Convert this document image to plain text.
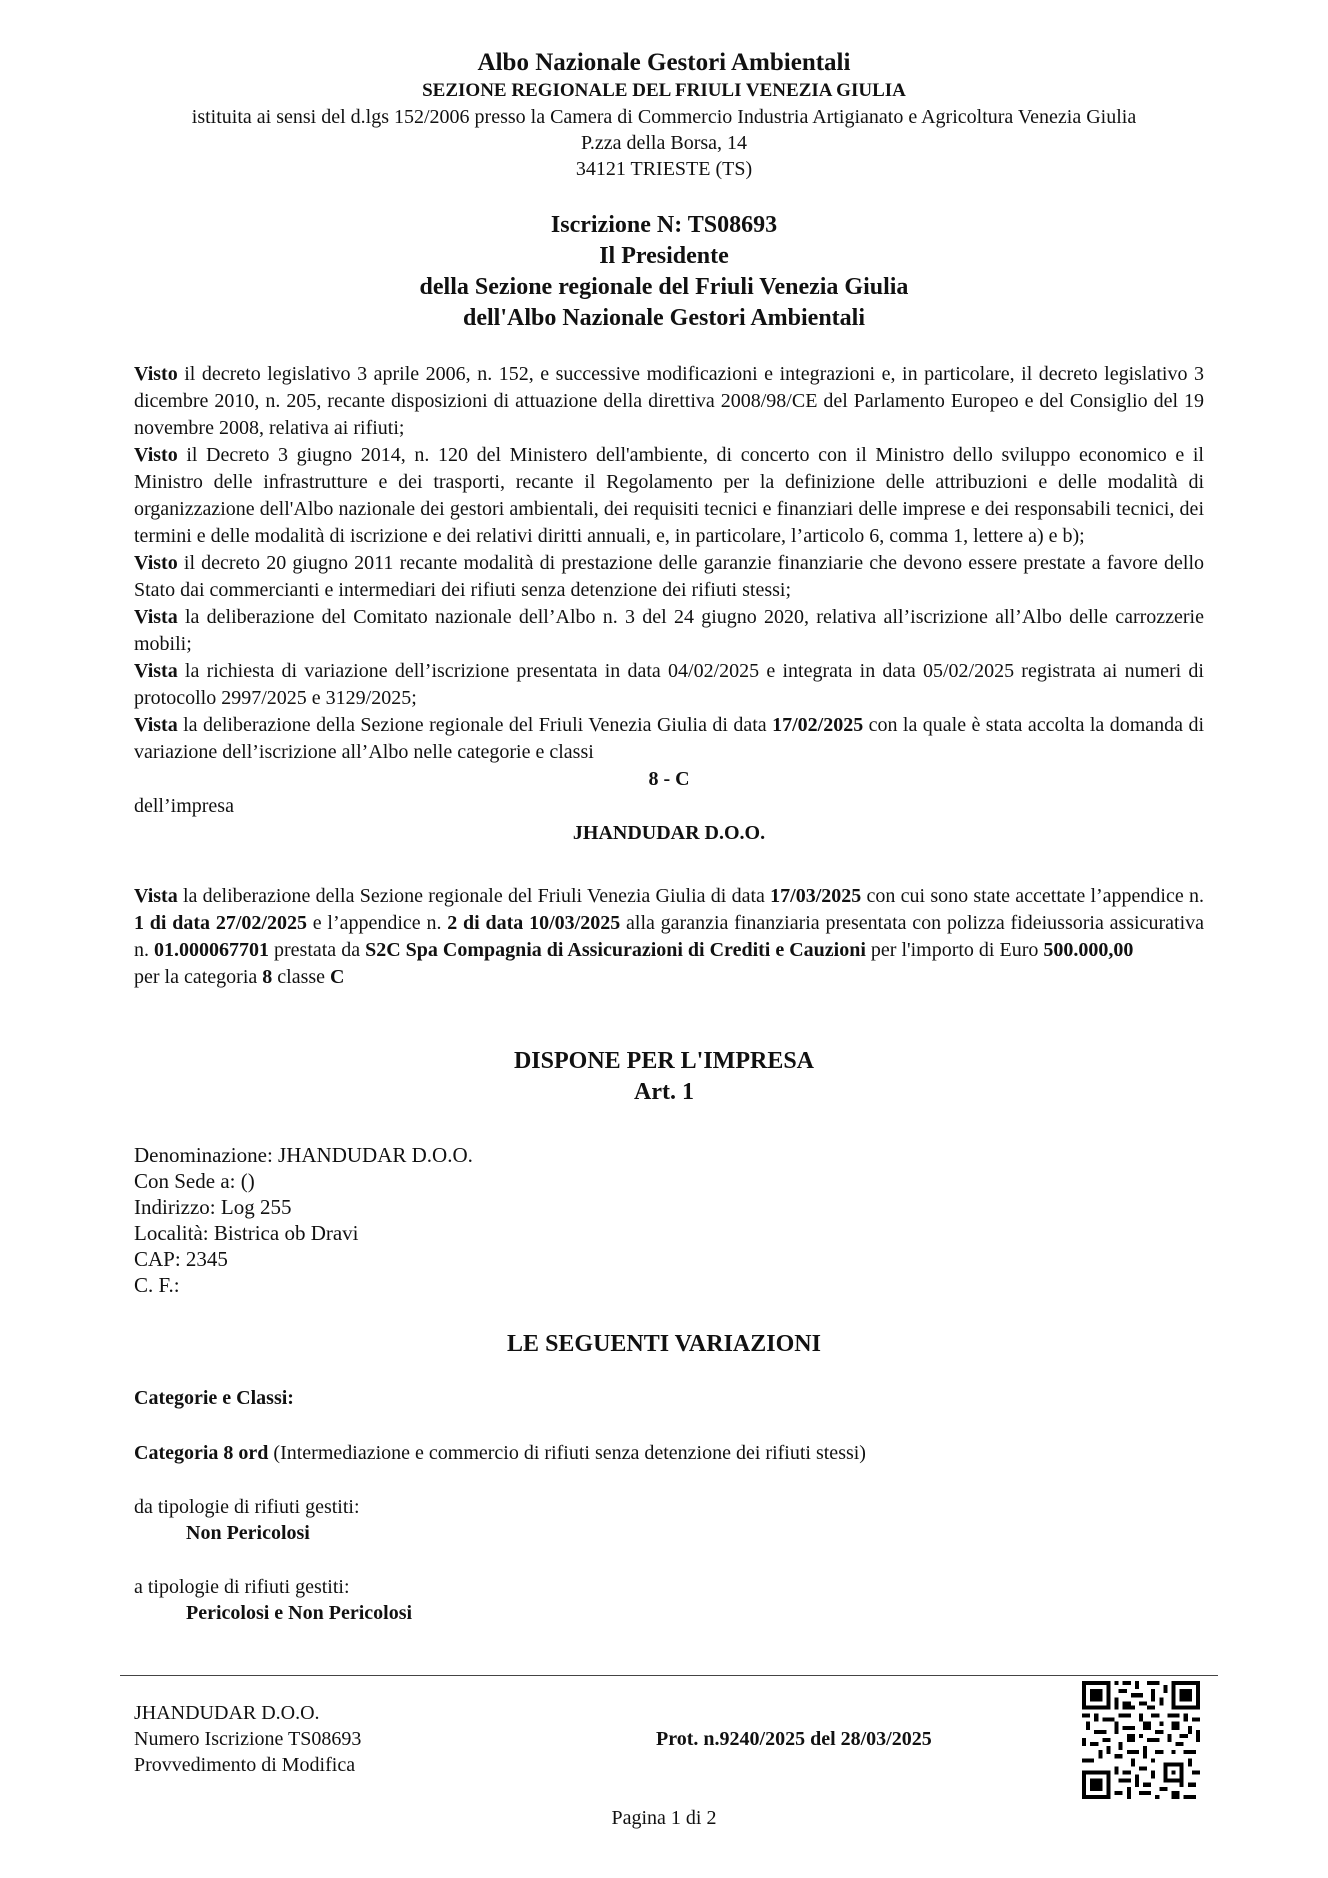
Albo Nazionale Gestori Ambientali
SEZIONE REGIONALE DEL FRIULI VENEZIA GIULIA
istituita ai sensi del d.lgs 152/2006 presso la Camera di Commercio Industria Artigianato e Agricoltura Venezia Giulia
P.zza della Borsa, 14
34121 TRIESTE (TS)
Iscrizione N: TS08693
Il Presidente
della Sezione regionale del Friuli Venezia Giulia
dell'Albo Nazionale Gestori Ambientali

Visto il decreto legislativo 3 aprile 2006, n. 152, e successive modificazioni e integrazioni e, in particolare, il decreto legislativo 3 dicembre 2010, n. 205, recante disposizioni di attuazione della direttiva 2008/98/CE del Parlamento Europeo e del Consiglio del 19 novembre 2008, relativa ai rifiuti;

Visto il Decreto 3 giugno 2014, n. 120 del Ministero dell'ambiente, di concerto con il Ministro dello sviluppo economico e il Ministro delle infrastrutture e dei trasporti, recante il Regolamento per la definizione delle attribuzioni e delle modalità di organizzazione dell'Albo nazionale dei gestori ambientali, dei requisiti tecnici e finanziari delle imprese e dei responsabili tecnici, dei termini e delle modalità di iscrizione e dei relativi diritti annuali, e, in particolare, l’articolo 6, comma 1, lettere a) e b);

Visto il decreto 20 giugno 2011 recante modalità di prestazione delle garanzie finanziarie che devono essere prestate a favore dello Stato dai commercianti e intermediari dei rifiuti senza detenzione dei rifiuti stessi;

Vista la deliberazione del Comitato nazionale dell’Albo n. 3 del 24 giugno 2020, relativa all’iscrizione all’Albo delle carrozzerie mobili;

Vista la richiesta di variazione dell’iscrizione presentata in data 04/02/2025 e integrata in data 05/02/2025 registrata ai numeri di protocollo 2997/2025 e 3129/2025;

Vista la deliberazione della Sezione regionale del Friuli Venezia Giulia di data 17/02/2025 con la quale è stata accolta la domanda di variazione dell’iscrizione all’Albo nelle categorie e classi

8 - C

dell’impresa

JHANDUDAR D.O.O.

Vista la deliberazione della Sezione regionale del Friuli Venezia Giulia di data 17/03/2025 con cui sono state accettate l’appendice n. 1 di data 27/02/2025 e l’appendice n. 2 di data 10/03/2025 alla garanzia finanziaria presentata con polizza fideiussoria assicurativa n. 01.000067701 prestata da S2C Spa Compagnia di Assicurazioni di Crediti e Cauzioni per l'importo di Euro 500.000,00

per la categoria 8 classe C

DISPONE PER L'IMPRESA
Art. 1
Denominazione: JHANDUDAR D.O.O.
Con Sede a: ()
Indirizzo: Log 255
Località: Bistrica ob Dravi
CAP: 2345
C. F.:
LE SEGUENTI VARIAZIONI
Categorie e Classi:
Categoria 8 ord (Intermediazione e commercio di rifiuti senza detenzione dei rifiuti stessi)
da tipologie di rifiuti gestiti:
Non Pericolosi
a tipologie di rifiuti gestiti:
Pericolosi e Non Pericolosi
JHANDUDAR D.O.O.
Numero Iscrizione TS08693
Provvedimento di Modifica
Prot. n.9240/2025 del 28/03/2025
Pagina 1 di 2
